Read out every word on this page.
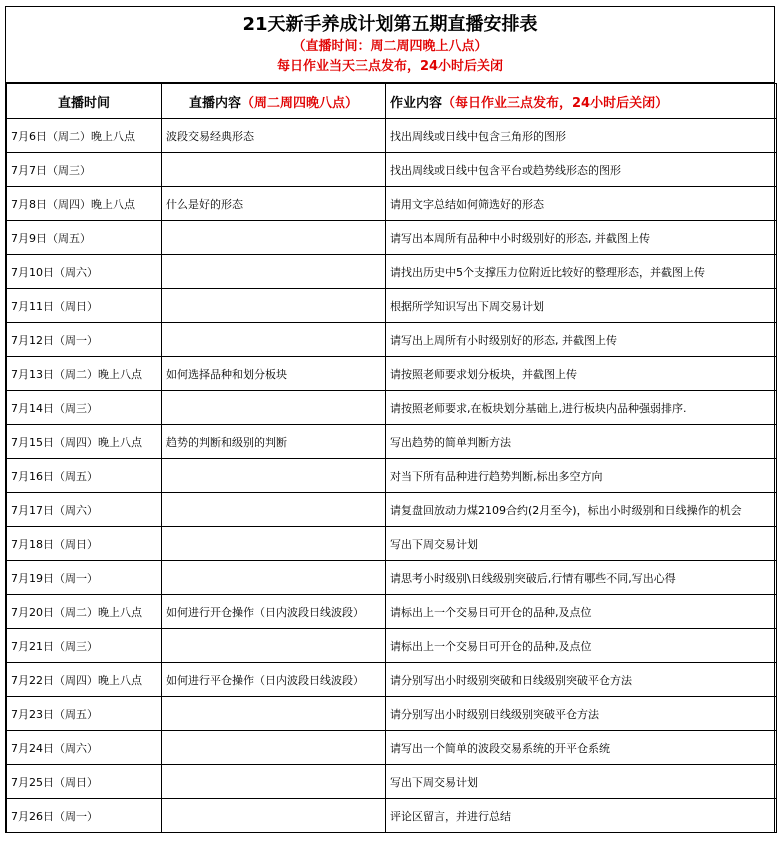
21天新手养成计划第五期直播安排表
（直播时间：周二周四晚上八点）
每日作业当天三点发布，24小时后关闭
直播时间	直播内容（周二周四晚八点）	作业内容（每日作业三点发布，24小时后关闭）
7月6日（周二）晚上八点	波段交易经典形态	找出周线或日线中包含三角形的图形
7月7日（周三）		找出周线或日线中包含平台或趋势线形态的图形
7月8日（周四）晚上八点	什么是好的形态	请用文字总结如何筛选好的形态
7月9日（周五）		请写出本周所有品种中小时级别好的形态, 并截图上传
7月10日（周六）		请找出历史中5个支撑压力位附近比较好的整理形态，并截图上传
7月11日（周日）		根据所学知识写出下周交易计划
7月12日（周一）		请写出上周所有小时级别好的形态, 并截图上传
7月13日（周二）晚上八点	如何选择品种和划分板块	请按照老师要求划分板块，并截图上传
7月14日（周三）		请按照老师要求,在板块划分基础上,进行板块内品种强弱排序.
7月15日（周四）晚上八点	趋势的判断和级别的判断	写出趋势的简单判断方法
7月16日（周五）		对当下所有品种进行趋势判断,标出多空方向
7月17日（周六）		请复盘回放动力煤2109合约(2月至今)，标出小时级别和日线操作的机会
7月18日（周日）		写出下周交易计划
7月19日（周一）		请思考小时级别\日线级别突破后,行情有哪些不同,写出心得
7月20日（周二）晚上八点	如何进行开仓操作（日内波段日线波段）	请标出上一个交易日可开仓的品种,及点位
7月21日（周三）		请标出上一个交易日可开仓的品种,及点位
7月22日（周四）晚上八点	如何进行平仓操作（日内波段日线波段）	请分别写出小时级别突破和日线级别突破平仓方法
7月23日（周五）		请分别写出小时级别日线级别突破平仓方法
7月24日（周六）		请写出一个简单的波段交易系统的开平仓系统
7月25日（周日）		写出下周交易计划
7月26日（周一）		评论区留言，并进行总结
